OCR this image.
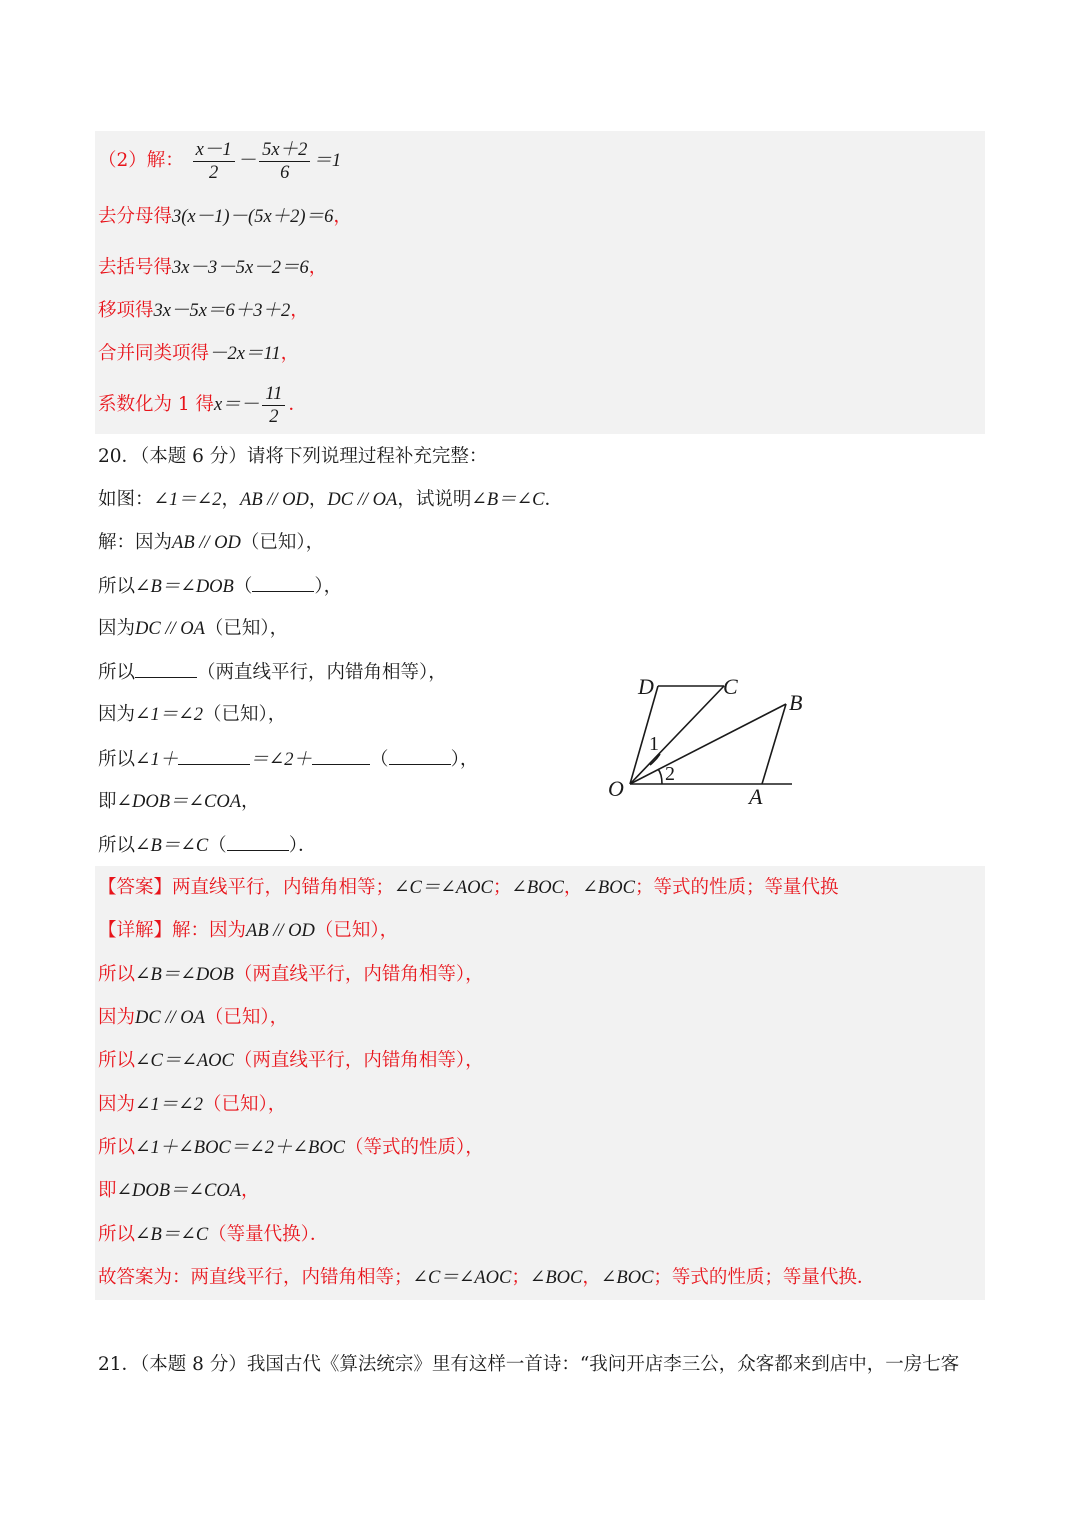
（2）解： $\frac{x-1}{2} - \frac{5x+2}{6} =1$
去分母得3(x－1)－(5x＋2)＝6，
去括号得3x－3－5x－2＝6，
移项得3x－5x＝6＋3＋2，
合并同类项得－2x＝11，
系数化为 1 得$x=- \frac{11}{2}$ ．
20．（本题 6 分）请将下列说理过程补充完整：
如图：∠1＝∠2，AB // OD，DC // OA，试说明∠B＝∠C．
解：因为AB // OD（已知），
所以∠B＝∠DOB（	），
因为DC // OA（已知），
所以	（两直线平行，内错角相等），
因为∠1＝∠2（已知），
所以∠1＋	＝∠2＋	（	），
即∠DOB＝∠COA，
所以∠B＝∠C（	）．
D	C
B
O	A
1
2
【答案】两直线平行，内错角相等；∠C＝∠AOC；∠BOC，∠BOC；等式的性质；等量代换
【详解】解：因为AB // OD（已知），
所以∠B＝∠DOB（两直线平行，内错角相等），
因为DC // OA（已知），
所以∠C＝∠AOC（两直线平行，内错角相等），
因为∠1＝∠2（已知），
所以∠1＋∠BOC＝∠2＋∠BOC（等式的性质），
即∠DOB＝∠COA，
所以∠B＝∠C（等量代换）．
故答案为：两直线平行，内错角相等；∠C＝∠AOC；∠BOC，∠BOC；等式的性质；等量代换．
21．（本题 8 分）我国古代《算法统宗》里有这样一首诗：“我问开店李三公，众客都来到店中，一房七客
